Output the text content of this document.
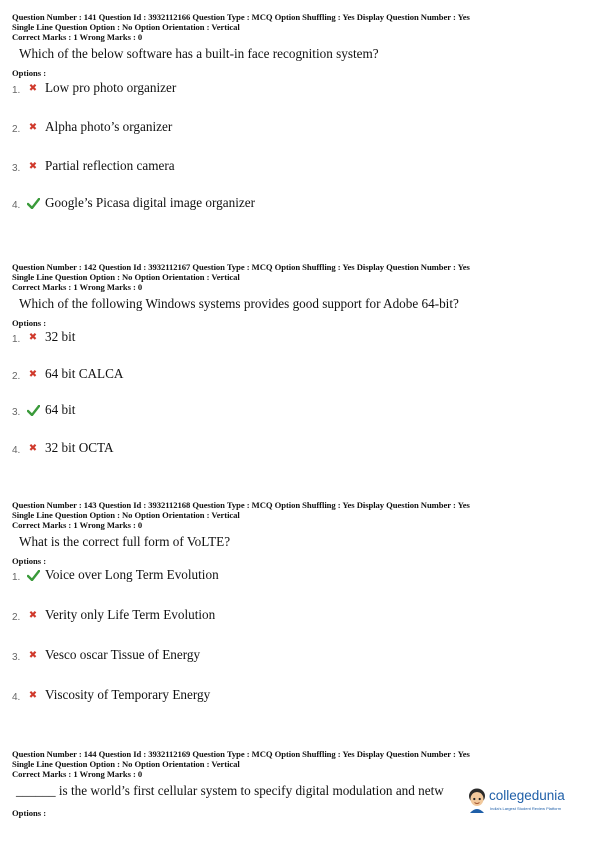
Question Number : 141 Question Id : 3932112166 Question Type : MCQ Option Shuffling : Yes Display Question Number : Yes
Single Line Question Option : No Option Orientation : Vertical
Correct Marks : 1 Wrong Marks : 0
Which of the below software has a built-in face recognition system?
Options :
1. ✖ Low pro photo organizer
2. ✖ Alpha photo’s organizer
3. ✖ Partial reflection camera
4. Google’s Picasa digital image organizer
Question Number : 142 Question Id : 3932112167 Question Type : MCQ Option Shuffling : Yes Display Question Number : Yes
Single Line Question Option : No Option Orientation : Vertical
Correct Marks : 1 Wrong Marks : 0
Which of the following Windows systems provides good support for Adobe 64-bit?
Options :
1. ✖ 32 bit
2. ✖ 64 bit CALCA
3. 64 bit
4. ✖ 32 bit OCTA
Question Number : 143 Question Id : 3932112168 Question Type : MCQ Option Shuffling : Yes Display Question Number : Yes
Single Line Question Option : No Option Orientation : Vertical
Correct Marks : 1 Wrong Marks : 0
What is the correct full form of VoLTE?
Options :
1. Voice over Long Term Evolution
2. ✖ Verity only Life Term Evolution
3. ✖ Vesco oscar Tissue of Energy
4. ✖ Viscosity of Temporary Energy
Question Number : 144 Question Id : 3932112169 Question Type : MCQ Option Shuffling : Yes Display Question Number : Yes
Single Line Question Option : No Option Orientation : Vertical
Correct Marks : 1 Wrong Marks : 0
______ is the world’s first cellular system to specify digital modulation and netw
Options :
collegedunia
India's Largest Student Review Platform
